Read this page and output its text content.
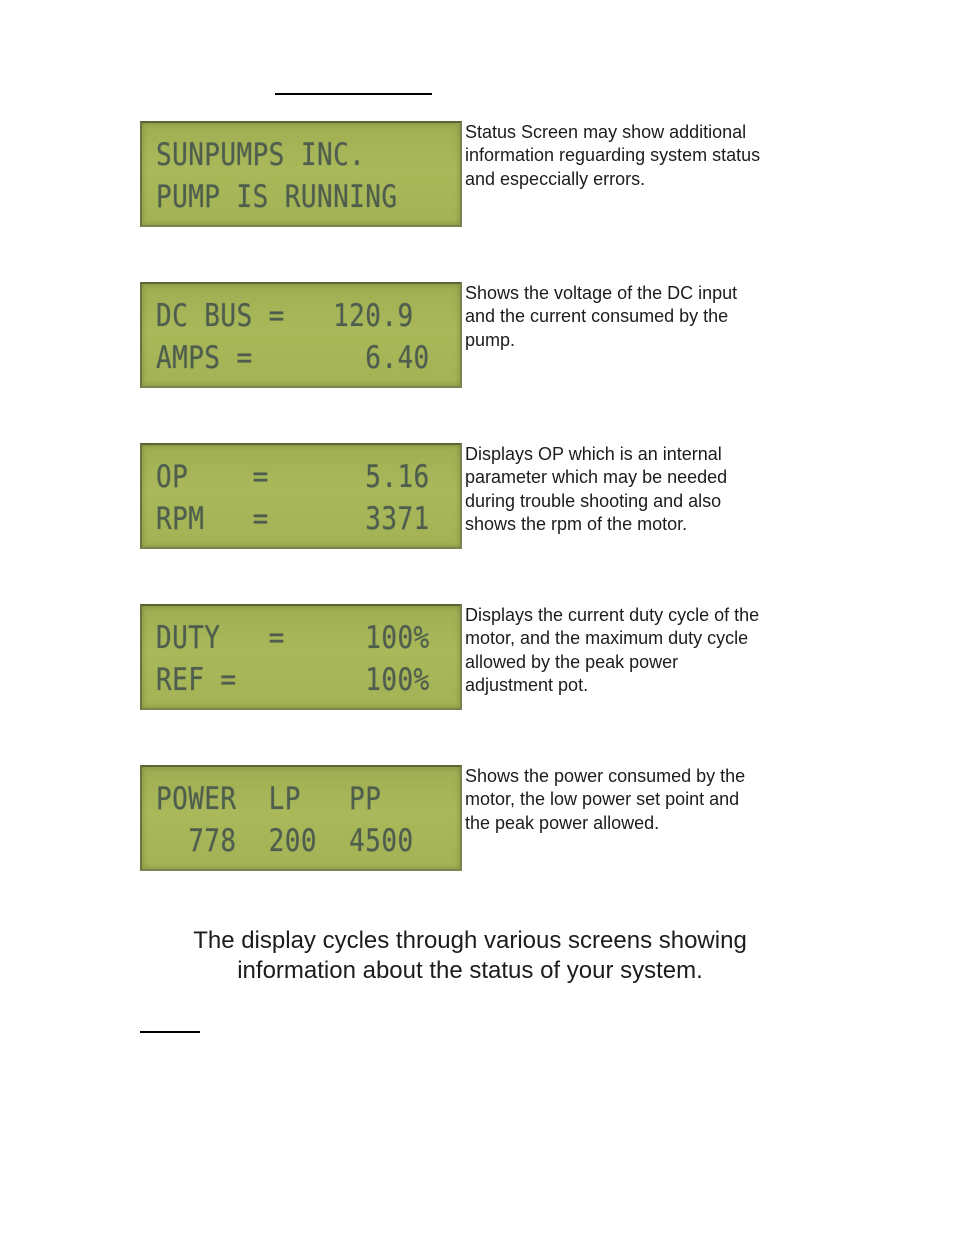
SUNPUMPS INC.
PUMP IS RUNNING
Status Screen may show additional
information reguarding system status
and especcially errors.
DC BUS =   120.9
AMPS =       6.40
Shows the voltage of the DC input
and the current consumed by the
pump.
OP    =      5.16
RPM   =      3371
Displays OP which is an internal
parameter which may be needed
during trouble shooting and also
shows the rpm of the motor.
DUTY   =     100%
REF =        100%
Displays the current duty cycle of the
motor, and the maximum duty cycle
allowed by the peak power
adjustment pot.
POWER  LP   PP
778  200  4500
Shows the power consumed by the
motor, the low power set point and
the peak power allowed.
The display cycles through various screens showing
information about the status of your system.
